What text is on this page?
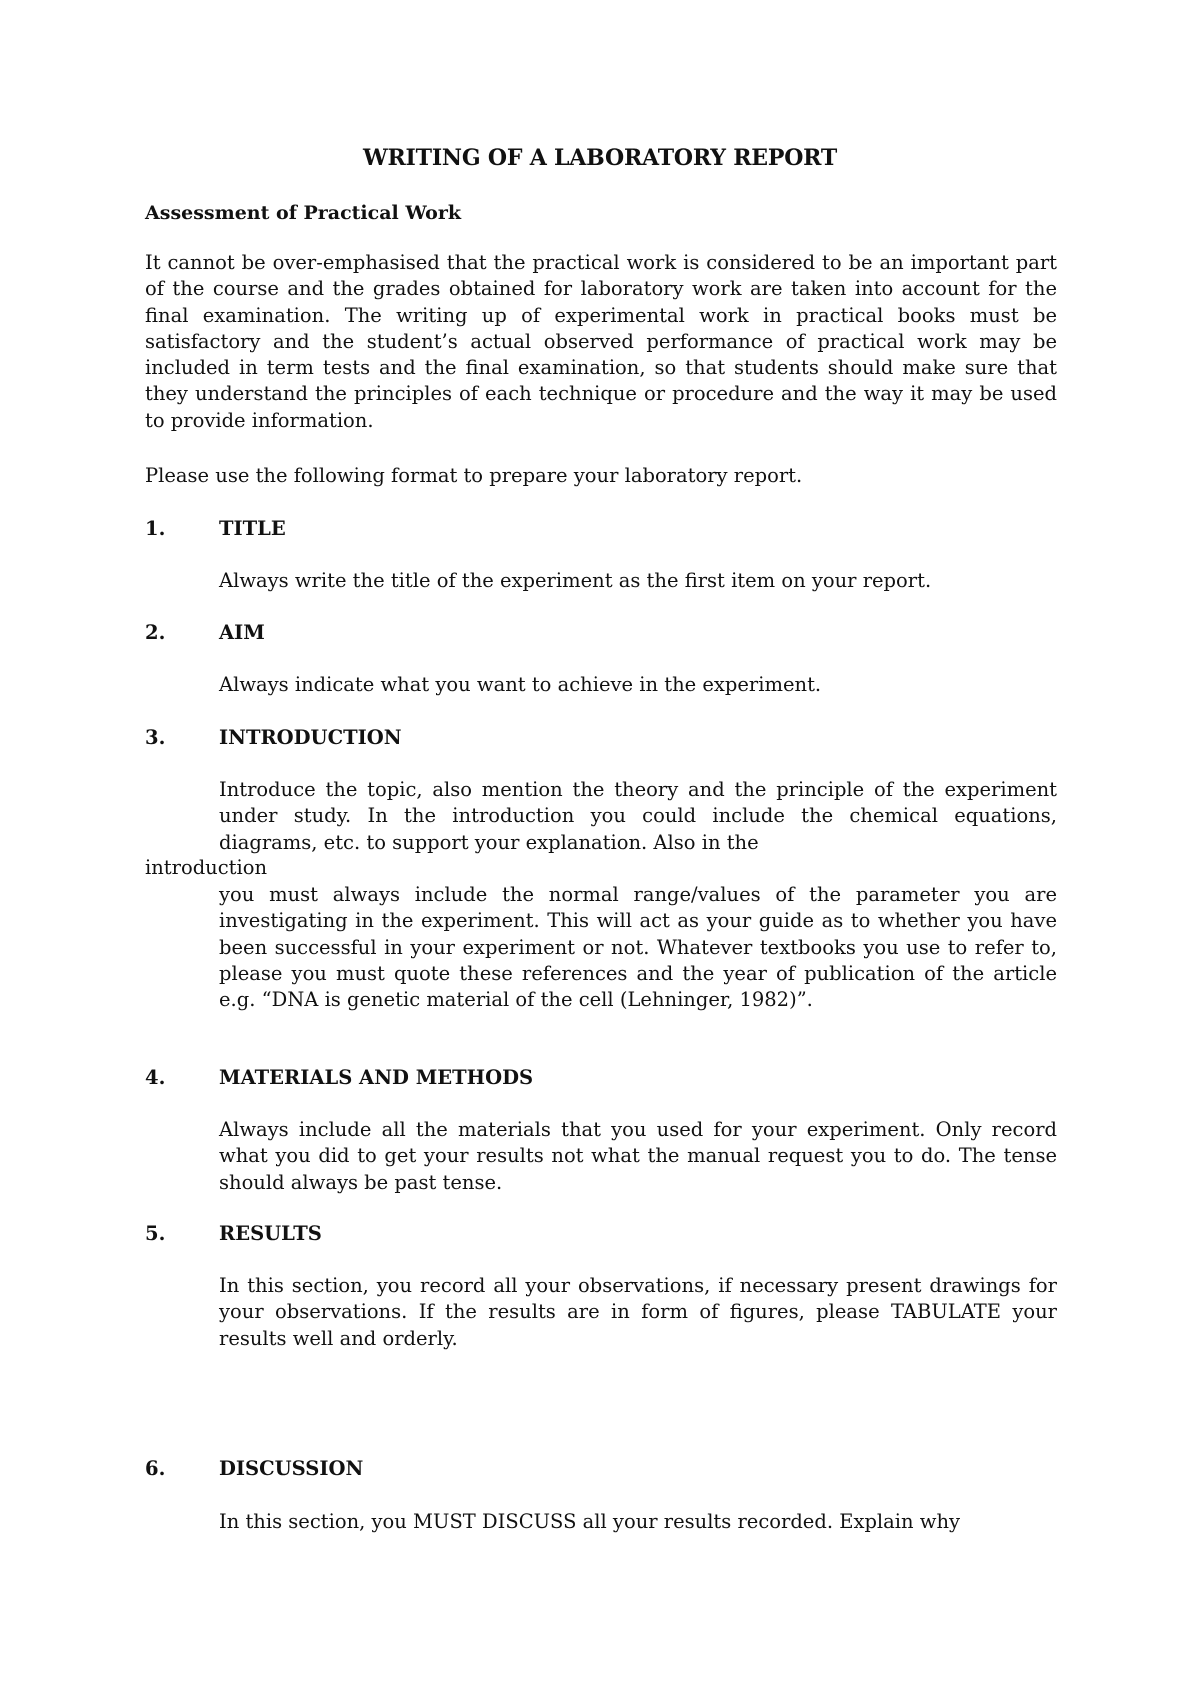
WRITING OF A LABORATORY REPORT
Assessment of Practical Work

It cannot be over-emphasised that the practical work is considered to be an important part of the course and the grades obtained for laboratory work are taken into account for the final examination. The writing up of experimental work in practical books must be satisfactory and the student’s actual observed performance of practical work may be included in term tests and the final examination, so that students should make sure that they understand the principles of each technique or procedure and the way it may be used to provide information.

Please use the following format to prepare your laboratory report.

1.	TITLE

Always write the title of the experiment as the first item on your report.

2.	AIM

Always indicate what you want to achieve in the experiment.

3.	INTRODUCTION

Introduce the topic, also mention the theory and the principle of the experiment under study. In the introduction you could include the chemical equations, diagrams, etc. to support your explanation. Also in the

introduction

you must always include the normal range/values of the parameter you are investigating in the experiment. This will act as your guide as to whether you have been successful in your experiment or not. Whatever textbooks you use to refer to, please you must quote these references and the year of publication of the article e.g. “DNA is genetic material of the cell (Lehninger, 1982)”.

4.	MATERIALS AND METHODS

Always include all the materials that you used for your experiment. Only record what you did to get your results not what the manual request you to do. The tense should always be past tense.

5.	RESULTS

In this section, you record all your observations, if necessary present drawings for your observations. If the results are in form of figures, please TABULATE your results well and orderly.

6.	DISCUSSION

In this section, you MUST DISCUSS all your results recorded. Explain why
